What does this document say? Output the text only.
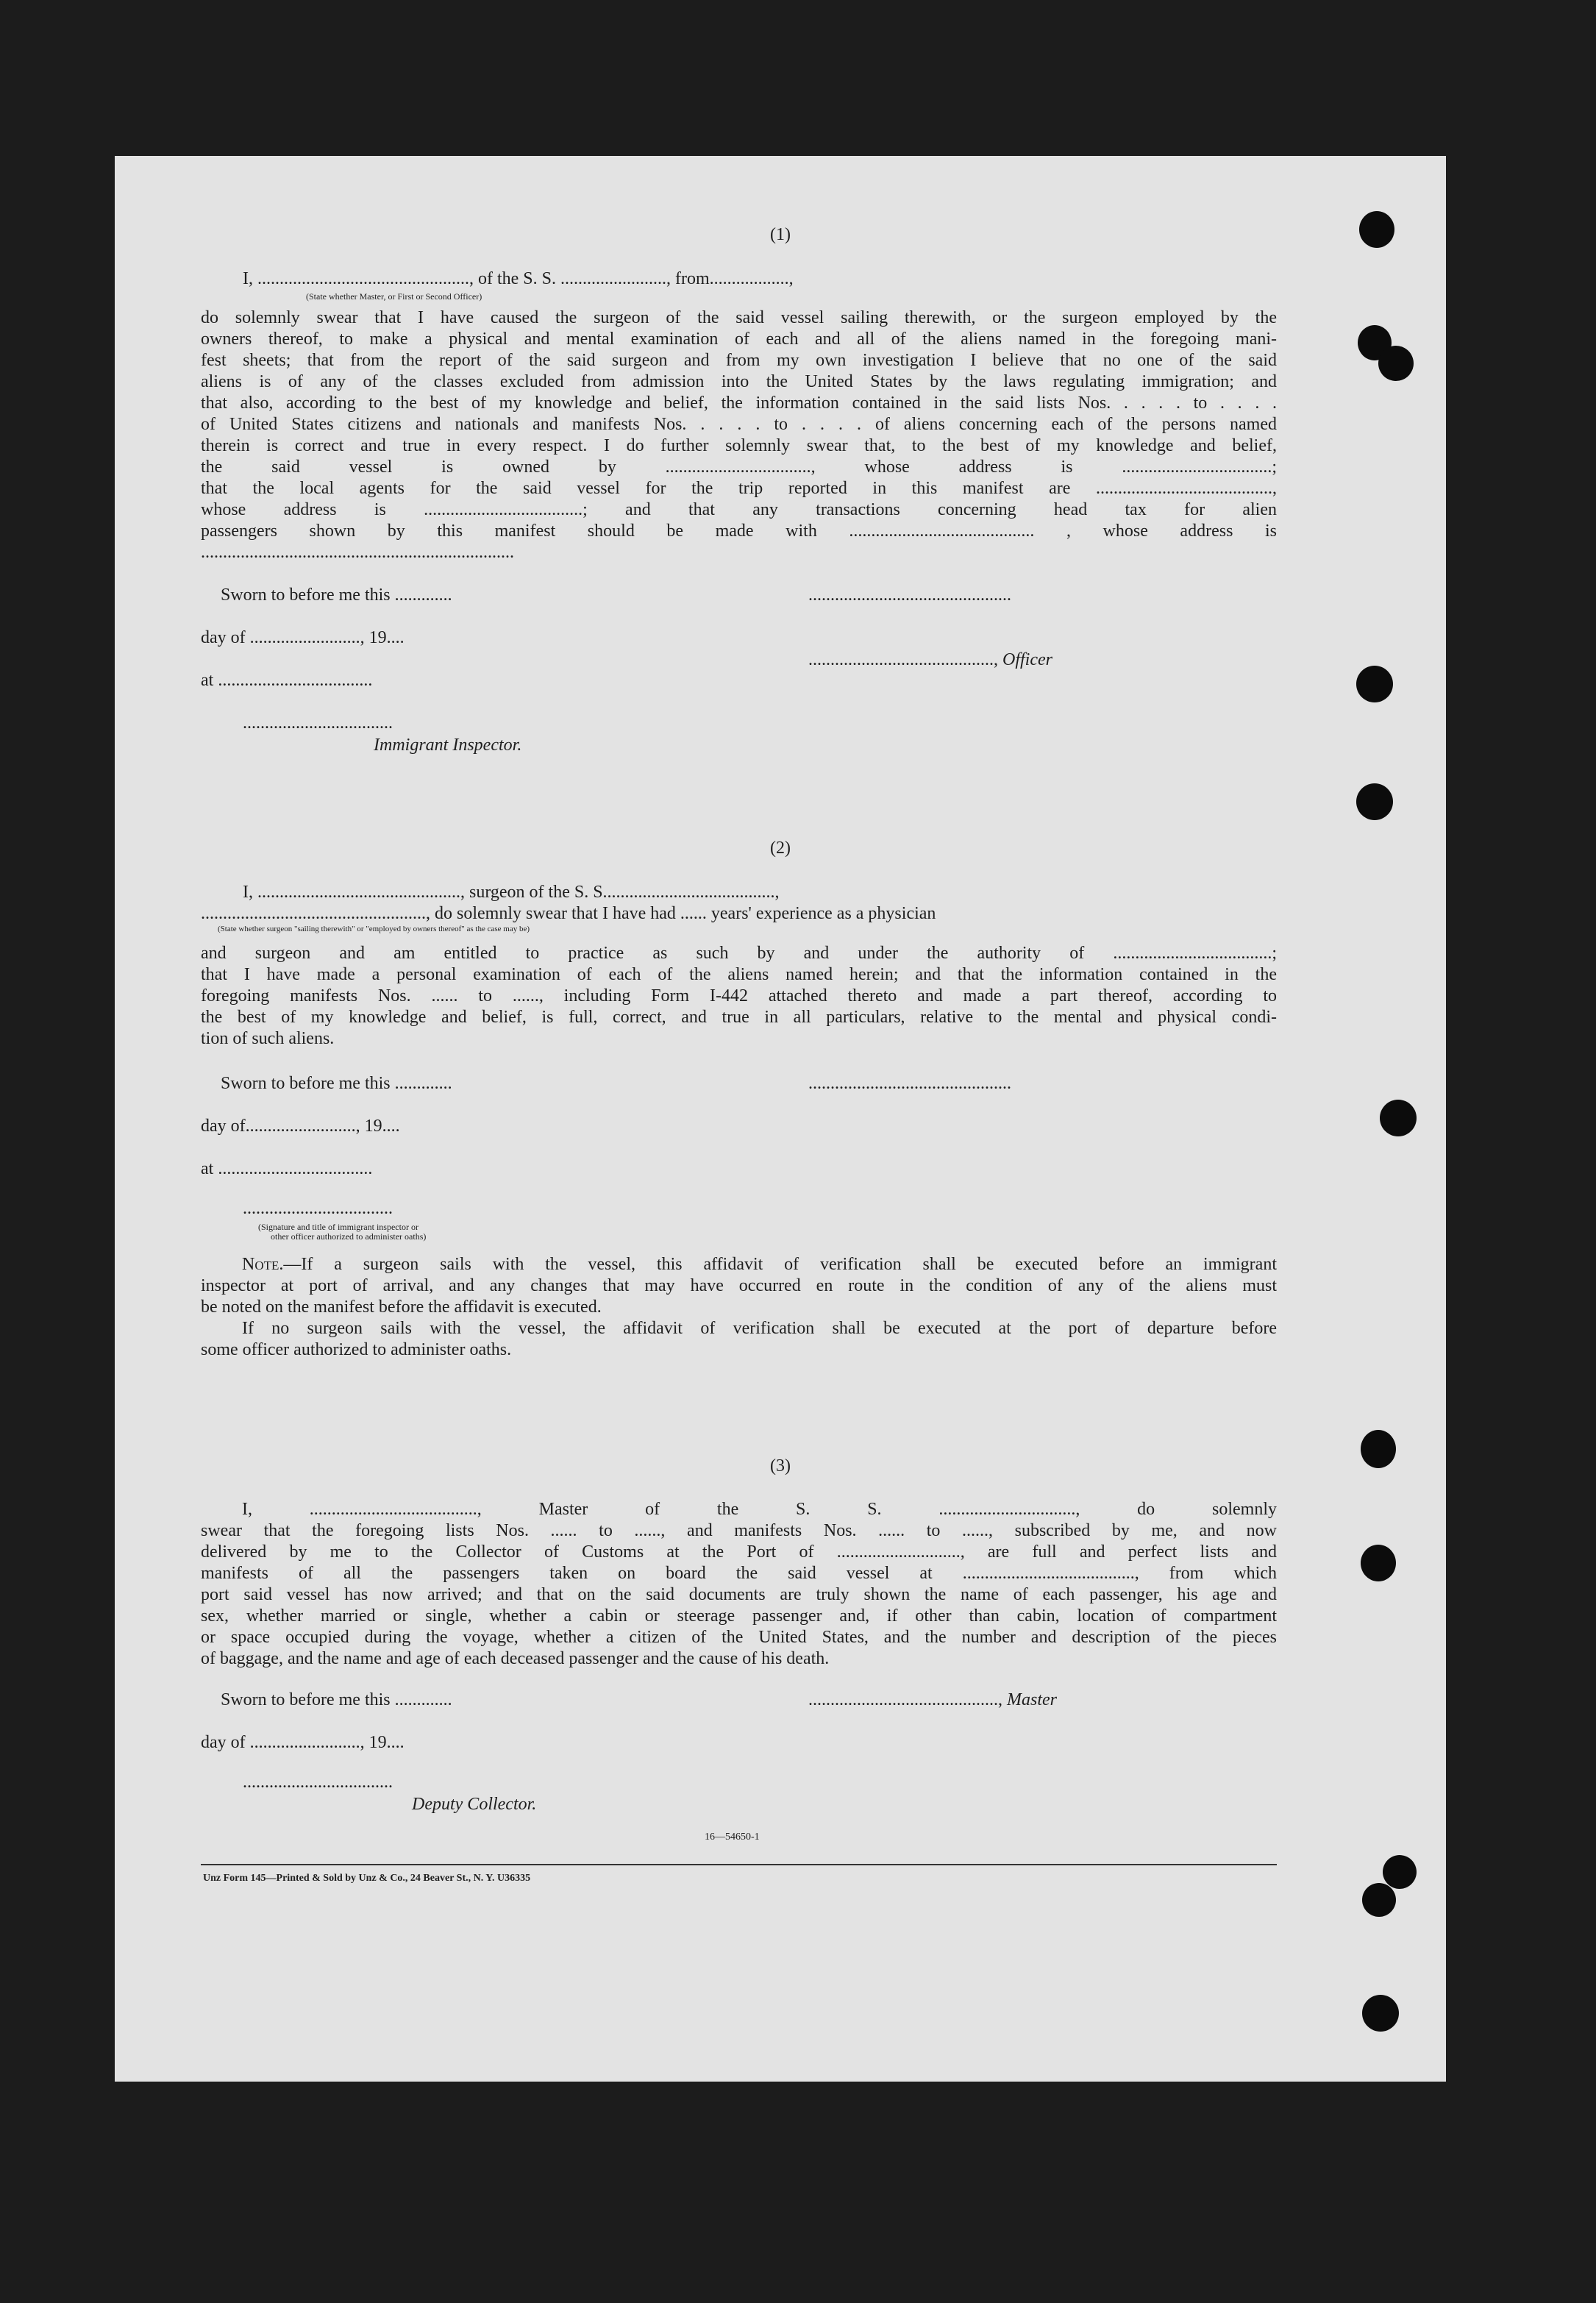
(1)
I, ................................................, of the S. S. ........................, from..................,
(State whether Master, or First or Second Officer)
do solemnly swear that I have caused the surgeon of the said vessel sailing therewith, or the surgeon employed by the
owners thereof, to make a physical and mental examination of each and all of the aliens named in the foregoing mani-
fest sheets; that from the report of the said surgeon and from my own investigation I believe that no one of the said
aliens is of any of the classes excluded from admission into the United States by the laws regulating immigration; and
that also, according to the best of my knowledge and belief, the information contained in the said lists Nos. . . . . to . . . .
of United States citizens and nationals and manifests Nos. . . . . to . . . . of aliens concerning each of the persons named
therein is correct and true in every respect. I do further solemnly swear that, to the best of my knowledge and belief,
the said vessel is owned by ................................., whose address is ..................................;
that the local agents for the said vessel for the trip reported in this manifest are ........................................,
whose address is ....................................; and that any transactions concerning head tax for alien
passengers shown by this manifest should be made with .......................................... , whose address is
.......................................................................
Sworn to before me this .............	..............................................
day of ........................., 19....
.........................................., Officer
at ...................................
..................................
Immigrant Inspector.
(2)
I, .............................................., surgeon of the S. S.......................................,
..................................................., do solemnly swear that I have had ...... years' experience as a physician
(State whether surgeon "sailing therewith" or "employed by owners thereof" as the case may be)
and surgeon and am entitled to practice as such by and under the authority of ....................................;
that I have made a personal examination of each of the aliens named herein; and that the information contained in the
foregoing manifests Nos. ...... to ......, including Form I-442 attached thereto and made a part thereof, according to
the best of my knowledge and belief, is full, correct, and true in all particulars, relative to the mental and physical condi-
tion of such aliens.
Sworn to before me this .............	..............................................
day of........................., 19....
at ...................................
..................................
(Signature and title of immigrant inspector or
other officer authorized to administer oaths)
Note.—If a surgeon sails with the vessel, this affidavit of verification shall be executed before an immigrant
inspector at port of arrival, and any changes that may have occurred en route in the condition of any of the aliens must
be noted on the manifest before the affidavit is executed.
If no surgeon sails with the vessel, the affidavit of verification shall be executed at the port of departure before
some officer authorized to administer oaths.
(3)
I, ......................................, Master of the S. S. ..............................., do solemnly
swear that the foregoing lists Nos. ...... to ......, and manifests Nos. ...... to ......, subscribed by me, and now
delivered by me to the Collector of Customs at the Port of ............................, are full and perfect lists and
manifests of all the passengers taken on board the said vessel at ......................................., from which
port said vessel has now arrived; and that on the said documents are truly shown the name of each passenger, his age and
sex, whether married or single, whether a cabin or steerage passenger and, if other than cabin, location of compartment
or space occupied during the voyage, whether a citizen of the United States, and the number and description of the pieces
of baggage, and the name and age of each deceased passenger and the cause of his death.
Sworn to before me this .............	..........................................., Master
day of ........................., 19....
..................................
Deputy Collector.
16—54650-1
Unz Form 145—Printed & Sold by Unz & Co., 24 Beaver St., N. Y. U36335
